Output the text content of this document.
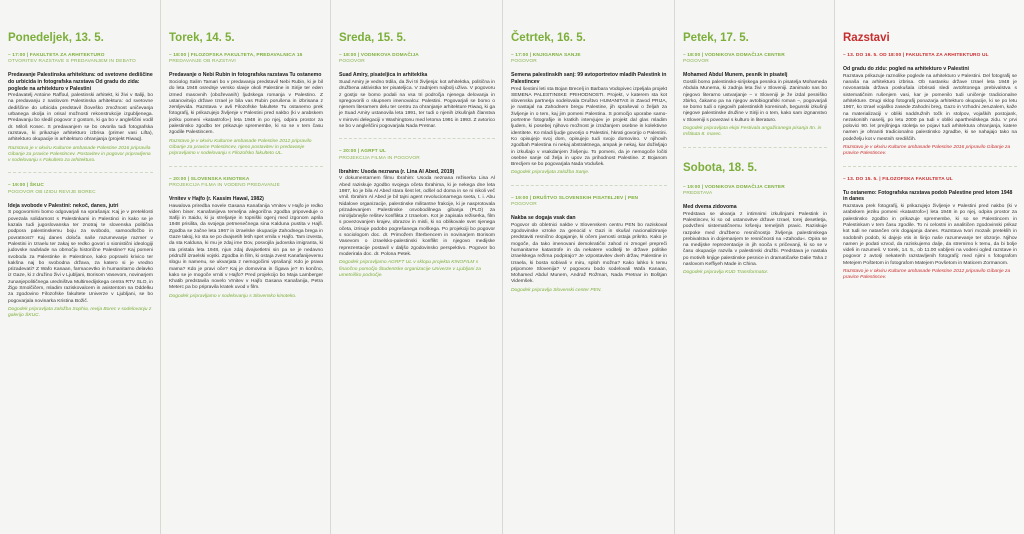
Ponedeljek, 13. 5.
– 17:00 | FAKULTETA ZA ARHITEKTURO
OTVORITEV RAZSTAVE S PREDAVANJEM IN DEBATO

Predavanje Palestinska arhitektura: od svetovne dediščine do urbicida in fotografska razstava Od gradu do zida: poglede na arhitekturo v Palestini

Predavatelj Antoine Raffoul, palestinski arhitekt, ki živi v Italiji, bo na predavanju z naslovom Palestinska arhitektura: od svetovne dediščine do urbicida predstavil človeško zmožnost uničevanja urbanega okolja in orisal možnosti rekonstrukcije izgubljenega. Predavanju bo sledil pogovor z gostom, ki ga bo v angleščini vodil dr. Miloš Kosec. S predavanjem se bo otvorila tudi fotografska razstava, ki prikazuje arhitekturo izbrisa (primer vasi Lifta), arhitekturo okupacije in arhitekturo ohranjanja (projekt Riwaq).

Razstava je v okviru Kulturne ambasade Palestine 2016 pripravila Gibanje za pravice Palestincev. Postavitev in pogovor pripravljena v sodelovanju s Fakulteto za arhitekturo.

– 19:00 | ŠKUC
POGOVOR OB IZIDU REVIJE BOREC

Ideja svobode v Palestini: nekoč, danes, jutri

S pogovornimi bomo odgovarjali na vprašanja: Kaj je v preteklosti povezala solidarnost s Palestinkami in Palestinci in kako se je kazala tudi jugoslovanska ter znotraj te slovenska politična podpora palestinskemu boju za svobodo, samoodločbo in povratnost? Kaj danes določa naše razumevanje razmer v Palestini in Izraelu ter zakaj se redko govori o sionistični ideologiji judovske nadvlade na območju historične Palestine? Kaj pomeni svoboda za Palestinke in Palestince, kako popraviti krivico ter kakšna naj bo svobodna država, za katero si je vredno prizadevati? Z Wafo Kanaan, farmacevtko in humanitarno delavko iz Gaze, ki z družino živi v Ljubljani, Borisom Vasevom, novinarjem zunanjepolitičnega uredništva Multimedijskega centra RTV SLO, in Žigo Smolčičem, mladim raziskovalcem in asistentom na Oddelku za zgodovino Filozofske fakultete Univerze v Ljubljani, se bo pogovarjala novinarka Kristina Božič.

Dogodek pripravljata založba Sophia, revija Borec v sodelovanju z galerijo ŠKUC.

Torek, 14. 5.
– 18:00 | FILOZOFSKA FAKULTETA, PREDAVALNICA 15
PREDAVANJE OB RAZSTAVI

Predavanje o Nebi Rubin in fotografska razstava Tu ostanemo

Sociolog Salim Tamari bo v predavanju predstavil Nebi Rubin, ki je bil do leta 1948 osrednje versko slavje okoli Palestine in Sirije ter eden izmed masovnih (oboževanih) ljudskega romanja v Palestino. Z ustanovitvijo države Izrael je bila vas Rubin porušena in izbrisana z zemljevida. Razstava v avli Filozofske fakultete Tu ostanemo prek fotografij, ki prikazujejo življenje v Palestini pred nakbo (ki v arabskem jeziku pomeni »katastrofo«) leta 1948 in po njej, odpira prostor za palestinsko zgodbo ter prikazuje spremembe, ki so se v tem času zgodile Palestincem.

Razstavo je v okviru Kulturne ambasade Palestine 2012 pripravilo Gibanje za pravice Palestincev, njeno postavitev in predavanje pripravljamo v sodelovanju s Filozofsko fakulteto UL.

– 20:00 | SLOVENSKA KINOTEKA
PROJEKCIJA FILMA IN VODENO PREDAVANJE

Vrnitev v Hajfo (r. Kassim Hawal, 1982)

Hawalova priredba novele Gasana Kanafanija Vrnitev v Hajfo je redko viden biser. Kanafanijeva temeljna alegorična zgodba pripoveduje o Safiji in Saidu, ki ju streljanje in topniški ogenj med izgonom aprila 1948 prisilita, da svojega petmesečnega sina Kalduna pustita v Hajfi. Zgodba se začne leta 1967 in izraelske okupacije Zahodnega brega in Gaze takoj, ko sta se po dvajsetih letih spet vrnila v Hajfo. Tam izvesta, da sta Kalduna, ki mu je zdaj ime Dov, posvojila judovska imigranta, ki sta pristala leta 1948, njun zdaj dvajsetletni sin pa se je nedavno pridružil izraelski vojski. Zgodba in film, ki ostaja zvest Kanafanijevemu slogu in namenu, se ukvarjata z nemogočimi vprašanji: Kdo je prava mama? Kdo je pravi oče? Kaj je domovina in čigava je? In končno, kako se je mogoče vrniti v Hajfo? Pred projekcijo bo Maja Lamberger Khatib predstavila novelo Vrnitev v Hajfo Gasana Kanafanija, Petra Meterc pa bo pripravila kratek uvod v film.

Dogodek pripravljamo v sodelovanju s Slovensko kinoteko.

Sreda, 15. 5.
– 18:00 | VODNIKOVA DOMAČIJA
POGOVOR

Suad Amiry, pisateljica in arhitektka

Suad Amiry je vedno trdila, da živi tri življenja: kot arhitektka, politična in družbena aktivistka ter pisateljica. V zadnjem najbolj uživa. V pogovoru z gostjo se bomo podali na vsa tri področja njenega delovanja in spregovorili o skupnem imenovalcu: Palestini. Pogovarjali se bomo o njenem literarnem delu ter centru za ohranjanje arhitekture Riwaq, ki ga je Suad Amiry ustanovila leta 1991, ter tudi o njenih izkušnjah članstva v mirovni delegaciji v Washingtonu med letoma 1991 in 1993. Z avtorico se bo v angleščini pogovarjala Nada Pretnar.

– 20:00 | AGRFT UL
PROJEKCIJA FILMA IN POGOVOR

Ibrahim: Usoda neznana (r. Lina Al Abed, 2019)

V dokumentarnem filmu Ibrahim: Usoda neznana režiserka Lina Al Abed raziskuje zgodbo svojega očeta Ibrahima, ki je nekega dne leta 1987, ko je bila Al Abed stara šest let, odšel od doma in se ni nikoli več vrnil. Ibrahim Al Abed je bil tajni agent revolucionarnega sveta, t. i. Abu Nidalove organizacije, palestinske militantne frakcije, ki je nasprotovala prizadevanjem Palestinske osvobodilnega gibanja (PLO) za miroljubnejše rešitev konflikta z Izraelom. Kot je zapisala režiserka, film s povezovanjem krajev, obrazov in misli, ki so oblikovale svet njenega očeta, izrisuje podobo pogrešanega moškega. Po projekciji bo pogovor s sociologom doc. dr. Primožem Šterbencem in novinarjem Borisom Vasevom o izraelsko-palestinski konflikt in njegovo medijske reprezentacije postavil v daljšo zgodovinsko perspektivo. Pogovor bo moderirala doc. dr. Polona Petek.

Dogodek pripravljamo AGRFT UL v sklopu projekta KINOFILM s finančno pomočjo Študentske organizacije Univerze v Ljubljani za umetniško področje.

Četrtek, 16. 5.
– 17:00 | KNJIGARNA SANJE
POGOVOR

Semena palestinskih sanj: 99 avtoportretov mladih Palestink in Palestincev

Pred šestimi leti sta Bojan Brecelj in Barbara Vodopivec izpeljala projekt SEMENA PALESTINSKE PRIHODNOSTI. Projekt, v katerem sta kot slovenska partnerja sodelovala Društvo HUMANITAS in Zavod PRIJA, je nastajal na Zahodnem bregu Palestine, jih spraševal o željah za življenje in o tem, kaj jim pomeni Palestina. S pomočjo uporabe samo-portretne fotografije in kratkih intervjujev je projekt dal glas mladim ljudem, ki posebej njihovo možnost je izražanjem osebne in kolektivne identitete. Ko mladi ljudje govorijo o Palestini, hkrati govorijo o Palestini. Ko opisujejo svoj dom, opisujejo tudi svojo domovino. V njihovih zgodbah Palestina ni nekaj abstraktnega, ampak je nekaj, kar doživljajo in izkušajo v vsakdanjem življenju. To pomeni, da je nemogoče ločiti osebne sanje od želja in upov za prihodnost Palestine. Z Bojanom Brecljem se bo pogovarjala Nada Vodušek.

Dogodek pripravljata založba Sanje.

– 19:00 | DRUŠTVO SLOVENSKIH PISATELJEV | PEN
POGOVOR

Nakba se dogaja vsak dan

Pogovor ob obletnici nakbe v Slovenskem centru PEN bo raziskoval zgodovinske vzroke za genocid v Gazi in skušal nacionaliziranje predstaviti resnično dogajanje, ki očem javnosti ostaja prikrito. Kako je mogoče, da tako imenovani demokratični zahod ni zmogel prepreči humanitarne katastrofe in da nekatere voditelji te države politike izraelskega režima podpirajo? Je vzpostavitev dveh držav, Palestine in Izraela, ki bosta sobivali v miru, sploh možna? Kako lahko k temu pripomore Slovenija? V pogovoru bodo sodelovali Wafa Kanaan, Mohamed Abdul Munem, Andraž Rožman, Nada Pretnar in Boštjan Videmšek.

Dogodek pripravlja Slovenski center PEN.

Petek, 17. 5.
– 18:00 | VODNIKOVA DOMAČIJA CENTER
POGOVOR

Mohamed Abdul Munem, pesnik in pisatelj

Gostili bomo palestinsko-sirijskega pesnika in pisatelja Mohameda Abdula Munema, ki zadnja leta živi v Sloveniji. Zanimalo nas bo njegovo literarno ustvarjanje – v Sloveniji je že izdal pesniško zbirko, čakamo pa na njegov avtobiografski roman –, pogovarjali se bomo tudi o njegovih palestinskih koreninah, begunski izkušnji njegove palestinske družine v Siriji in o tem, kako sam izgnanstvo v Sloveniji s povezavi s kulturo in literaturo.

Dogodek pripravljata ekipi Festivala angažiranega pisanja Itn. in Inštituta 8. marec.

Sobota, 18. 5.
– 19:00 | VODNIKOVA DOMAČIJA CENTER
PREDSTAVA

Med dvema zidovoma

Predstava se ukvarja z intimnimi izkušnjami Palestink in Palestincev, ki so od ustanovitve države Izrael, torej desetletja, podvrženi sistematičnemu kršenju temeljnih pravic. Raziskuje razpoke med družbeno resničnostjo življenja palestinskega prebivalstva in dojemanjem te resničnosti na »Zahodu«. Opira se na medijske reprezentacije in jih sooča s pričevanji, ki so se v času okupacije razvila v palestinski družbi. Predstava je nastala po motivih knjige palestinske pesnice in dramatičarke Dalie Taha z naslovom Keffiyeh Made in China.

Dogodek pripravlja KUD Transformator.

Razstavi
– 13. DO 16. 5. OD 18:00 | FAKULTETA ZA ARHITEKTURO UL

Od gradu do zidu: pogled na arhitekturo v Palestini

Razstava prikazuje raznolike poglede na arhitekturo v Palestini. Del fotografij se nanaša na arhitekturo izbrisa. Ob nastanku države Izrael leta 1948 je novonastala država poskušala izbrisati sledi avtohtonega prebivalstva s sistematičnim rušenjem vasi, kar je pomenilo tudi uničenje tradicionalne arhitekture. Drugi sklop fotografij ponazarja arhitekturo okupacije, ki se po letu 1967, ko Izrael vojaško zasede Zahodni breg, Gazo in Vzhodni Jeruzalem, kaže na materializaciji v obliki naddružnih točk in stolpov, vojaških postojank, nezakonitih naselij, po letu 2000 pa tudi v obliki apartheidskega zidu. V prvi polovici 90. let prejšnjega stoletja se pojavi tudi arhitektura ohranjanja, katere namen je ohraniti tradicionalno palestinsko zgradbe, ki se nahajajo tako na podeželju kot v mestnih središčih.

Razstavo je v okviru Kulturne ambasade Palestine 2016 pripravilo Gibanje za pravice Palestincev.

– 13. DO 15. 5. | FILOZOFSKA FAKULTETA UL

Tu ostanemo: Fotografska razstava podob Palestine pred letom 1948 in danes

Razstava prek fotografij, ki prikazujejo življenje v Palestini pred nakbo (ki v arabskem jeziku pomeni »katastrofo«) leta 1948 in po njej, odpira prostor za palestinsko zgodbo in prikazuje spremembe, ki so se Palestincem in Palestinkam v tem času zgodile. To ni celostni in analitičen zgodovinski prikaz kot tudi ne natančen oris dogajanja danes. Razstava tvori mozaik preteklih in sodobnih podob, ki dajejo vtis in širijo naše razumevanje ter obzorje. Njihov namen je podati vzvod, da raziskujemo dalje, da stremimo k temu, da bi bolje videli in razumeli. V torek, 14. 5., ob 11.00 vabljeni na vodeni ogled razstave in pogovor z avtorji nekaterih razstavljenih fotografij: med njimi s fotografom Metejem Poštetom in fotografom Matejem Povšetom in Maticem Zormanom.

Razstavo je v okviru Kulturne ambasade Palestine 2012 pripravilo Gibanje za pravice Palestincev.
